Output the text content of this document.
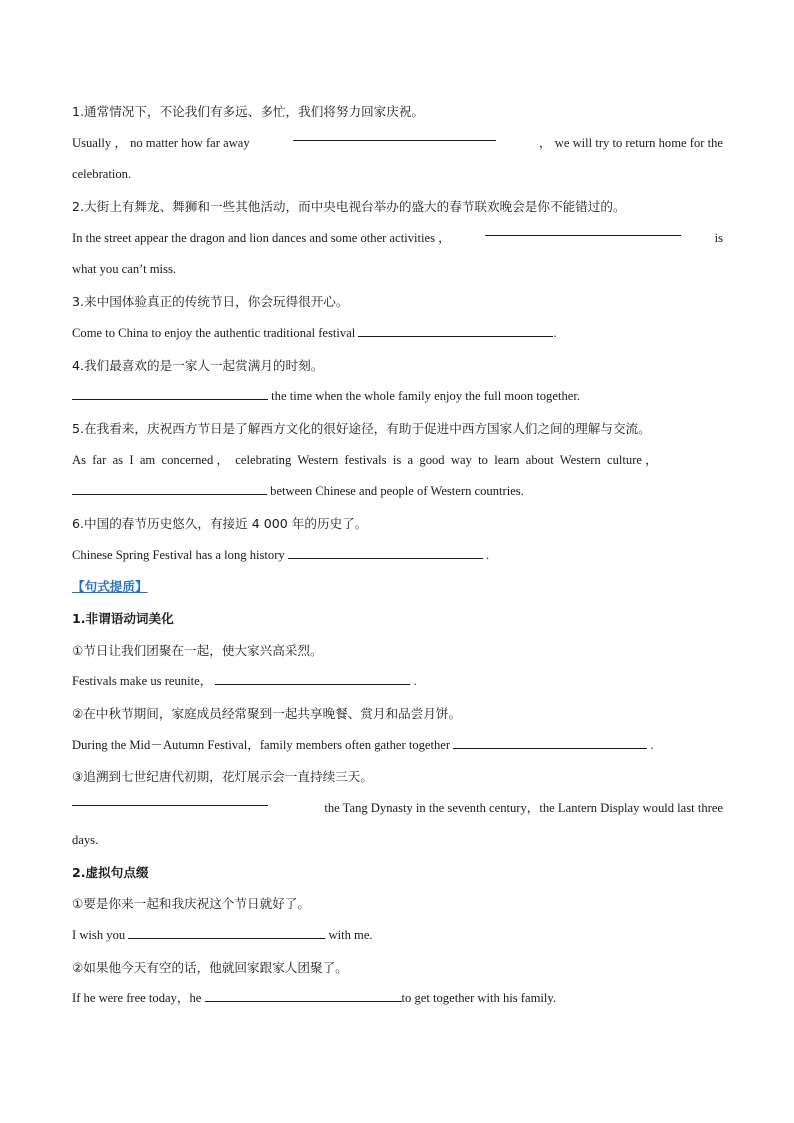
1.通常情况下，不论我们有多远、多忙，我们将努力回家庆祝。
Usually ， no matter how far away	， we will try to return home for the
celebration.
2.大街上有舞龙、舞狮和一些其他活动，而中央电视台举办的盛大的春节联欢晚会是你不能错过的。
In the street appear the dragon and lion dances and some other activities ，	is
what you can’t miss.
3.来中国体验真正的传统节日，你会玩得很开心。
Come to China to enjoy the authentic traditional festival	.
4.我们最喜欢的是一家人一起赏满月的时刻。
the time when the whole family enjoy the full moon together.
5.在我看来，庆祝西方节日是了解西方文化的很好途径，有助于促进中西方国家人们之间的理解与交流。
As  far  as  I  am  concerned ，  celebrating  Western  festivals  is  a  good  way  to  learn  about  Western  culture ，
between Chinese and people of Western countries.
6.中国的春节历史悠久，有接近 4 000 年的历史了。
Chinese Spring Festival has a long history	.
【句式提质】
1.非谓语动词美化
①节日让我们团聚在一起，使大家兴高采烈。
Festivals make us reunite，	.
②在中秋节期间，家庭成员经常聚到一起共享晚餐、赏月和品尝月饼。
During the Mid－Autumn Festival，family members often gather together	.
③追溯到七世纪唐代初期，花灯展示会一直持续三天。
the Tang Dynasty in the seventh century，the Lantern Display would last three
days.
2.虚拟句点缀
①要是你来一起和我庆祝这个节日就好了。
I wish you	with me.
②如果他今天有空的话，他就回家跟家人团聚了。
If he were free today，he	to get together with his family.
